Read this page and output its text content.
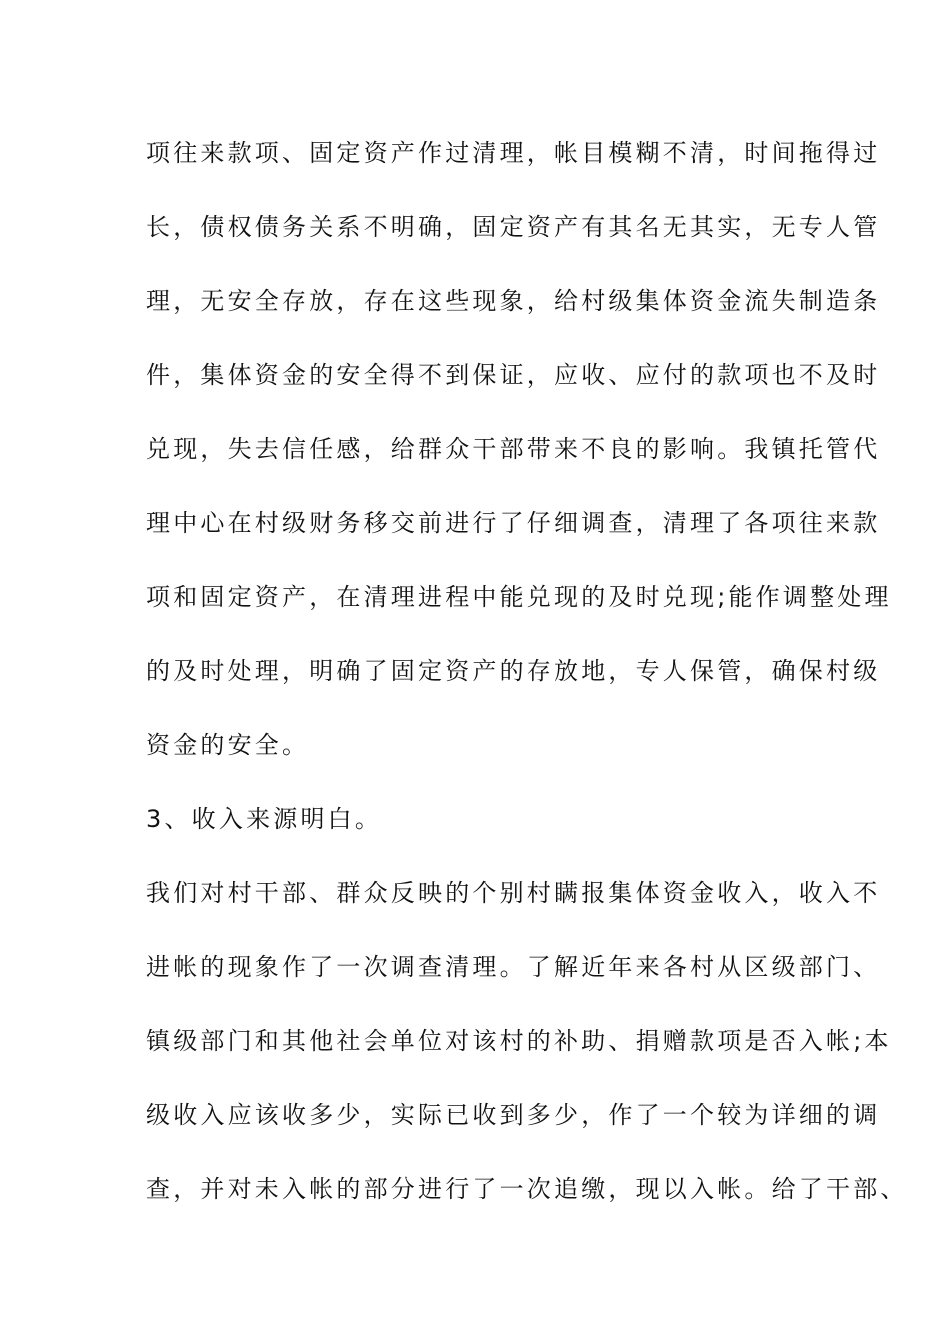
项往来款项、固定资产作过清理，帐目模糊不清，时间拖得过
长，债权债务关系不明确，固定资产有其名无其实，无专人管
理，无安全存放，存在这些现象，给村级集体资金流失制造条
件，集体资金的安全得不到保证，应收、应付的款项也不及时
兑现，失去信任感，给群众干部带来不良的影响。我镇托管代
理中心在村级财务移交前进行了仔细调查，清理了各项往来款
项和固定资产，在清理进程中能兑现的及时兑现;能作调整处理
的及时处理，明确了固定资产的存放地，专人保管，确保村级
资金的安全。
3、收入来源明白。
我们对村干部、群众反映的个别村瞒报集体资金收入，收入不
进帐的现象作了一次调查清理。了解近年来各村从区级部门、
镇级部门和其他社会单位对该村的补助、捐赠款项是否入帐;本
级收入应该收多少，实际已收到多少，作了一个较为详细的调
查，并对未入帐的部分进行了一次追缴，现以入帐。给了干部、
